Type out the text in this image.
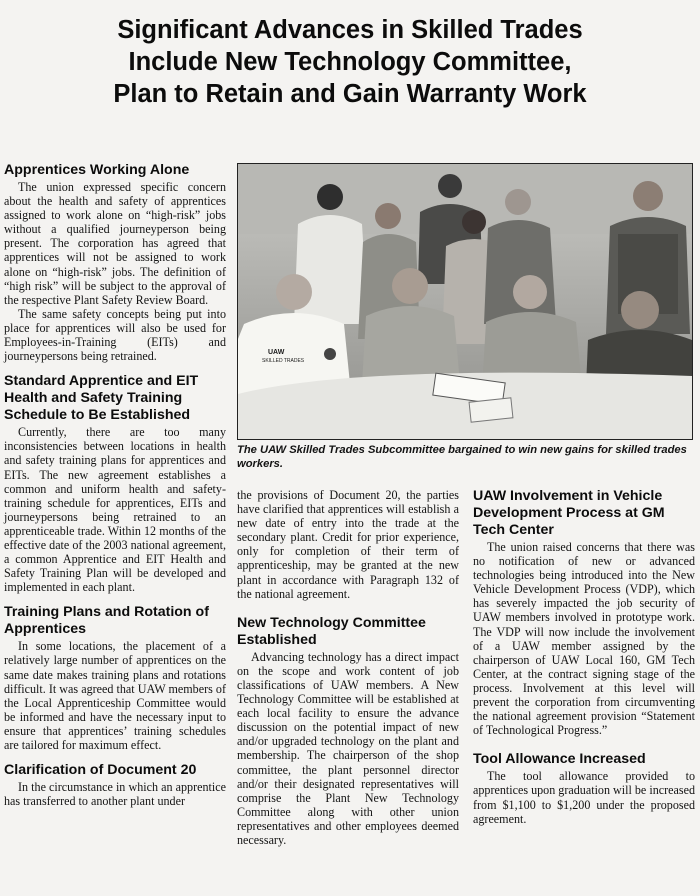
Significant Advances in Skilled Trades
Include New Technology Committee,
Plan to Retain and Gain Warranty Work
Apprentices Working Alone

The union expressed specific concern about the health and safety of apprentices assigned to work alone on “high-risk” jobs without a qualified journeyperson being present. The corporation has agreed that apprentices will not be assigned to work alone on “high-risk” jobs. The definition of “high risk” will be subject to the approval of the respective Plant Safety Review Board.

The same safety concepts being put into place for apprentices will also be used for Employees-in-Training (EITs) and journeypersons being retrained.

Standard Apprentice and EIT Health and Safety Training Schedule to Be Established

Currently, there are too many inconsistencies between locations in health and safety training plans for apprentices and EITs. The new agreement establishes a common and uniform health and safety-training schedule for apprentices, EITs and journeypersons being retrained to an apprenticeable trade. Within 12 months of the effective date of the 2003 national agreement, a common Apprentice and EIT Health and Safety Training Plan will be developed and implemented in each plant.

Training Plans and Rotation of Apprentices

In some locations, the placement of a relatively large number of apprentices on the same date makes training plans and rotations difficult. It was agreed that UAW members of the Local Apprenticeship Committee would be informed and have the necessary input to ensure that apprentices’ training schedules are tailored for maximum effect.

Clarification of Document 20

In the circumstance in which an apprentice has transferred to another plant under

UAW
SKILLED TRADES
The UAW Skilled Trades Subcommittee bargained to win new gains for skilled trades workers.

the provisions of Document 20, the parties have clarified that apprentices will establish a new date of entry into the trade at the secondary plant. Credit for prior experience, only for completion of their term of apprenticeship, may be granted at the new plant in accordance with Paragraph 132 of the national agreement.

New Technology Committee Established

Advancing technology has a direct impact on the scope and work content of job classifications of UAW members. A New Technology Committee will be established at each local facility to ensure the advance discussion on the potential impact of new and/or upgraded technology on the plant and membership. The chairperson of the shop committee, the plant personnel director and/or their designated representatives will comprise the Plant New Technology Committee along with other union representatives and other employees deemed necessary.

UAW Involvement in Vehicle Development Process at GM Tech Center

The union raised concerns that there was no notification of new or advanced technologies being introduced into the New Vehicle Development Process (VDP), which has severely impacted the job security of UAW members involved in prototype work. The VDP will now include the involvement of a UAW member assigned by the chairperson of UAW Local 160, GM Tech Center, at the contract signing stage of the process. Involvement at this level will prevent the corporation from circumventing the national agreement provision “Statement of Technological Progress.”

Tool Allowance Increased

The tool allowance provided to apprentices upon graduation will be increased from $1,100 to $1,200 under the proposed agreement.
